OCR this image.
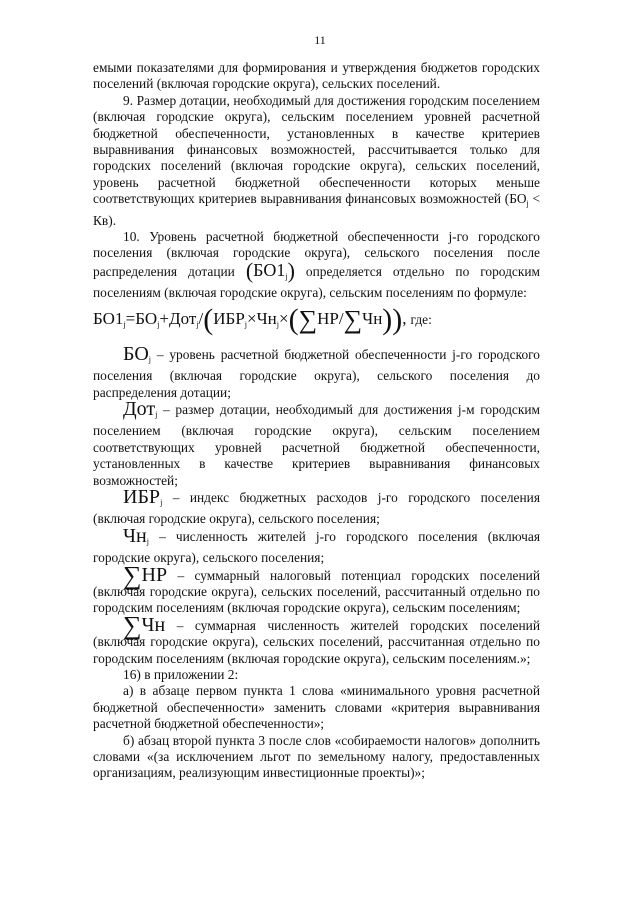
11

емыми показателями для формирования и утверждения бюджетов городских поселений (включая городские округа), сельских поселений.

9. Размер дотации, необходимый для достижения городским поселением (включая городские округа), сельским поселением уровней расчетной бюджетной обеспеченности, установленных в качестве критериев выравнивания финансовых возможностей, рассчитывается только для городских поселений (включая городские округа), сельских поселений, уровень расчетной бюджетной обеспеченности которых меньше соответствующих критериев выравнивания финансовых возможностей $(БО_j < Кв)$.

10. Уровень расчетной бюджетной обеспеченности j-го городского поселения (включая городские округа), сельского поселения после распределения дотации $(БО1_j)$ определяется отдельно по городским поселениям (включая городские округа), сельским поселениям по формуле:

$БО1_j=БО_j+Дот_j/(ИБР_j\times Чн_j\times(\sum НР/\sum Чн))$, где:

$БО_j$ – уровень расчетной бюджетной обеспеченности j-го городского поселения (включая городские округа), сельского поселения до распределения дотации;

Дот$_j$ – размер дотации, необходимый для достижения j-м городским поселением (включая городские округа), сельским поселением соответствующих уровней расчетной бюджетной обеспеченности, установленных в качестве критериев выравнивания финансовых возможностей;

$ИБР_j$ – индекс бюджетных расходов j-го городского поселения (включая городские округа), сельского поселения;

$Чн_j$ – численность жителей j-го городского поселения (включая городские округа), сельского поселения;

∑НР – суммарный налоговый потенциал городских поселений (включая городские округа), сельских поселений, рассчитанный отдельно по городским поселениям (включая городские округа), сельским поселениям;

∑Чн – суммарная численность жителей городских поселений (включая городские округа), сельских поселений, рассчитанная отдельно по городским поселениям (включая городские округа), сельским поселениям.»;

16) в приложении 2:

а) в абзаце первом пункта 1 слова «минимального уровня расчетной бюджетной обеспеченности» заменить словами «критерия выравнивания расчетной бюджетной обеспеченности»;

б) абзац второй пункта 3 после слов «собираемости налогов» дополнить словами «(за исключением льгот по земельному налогу, предоставленных организациям, реализующим инвестиционные проекты)»;
